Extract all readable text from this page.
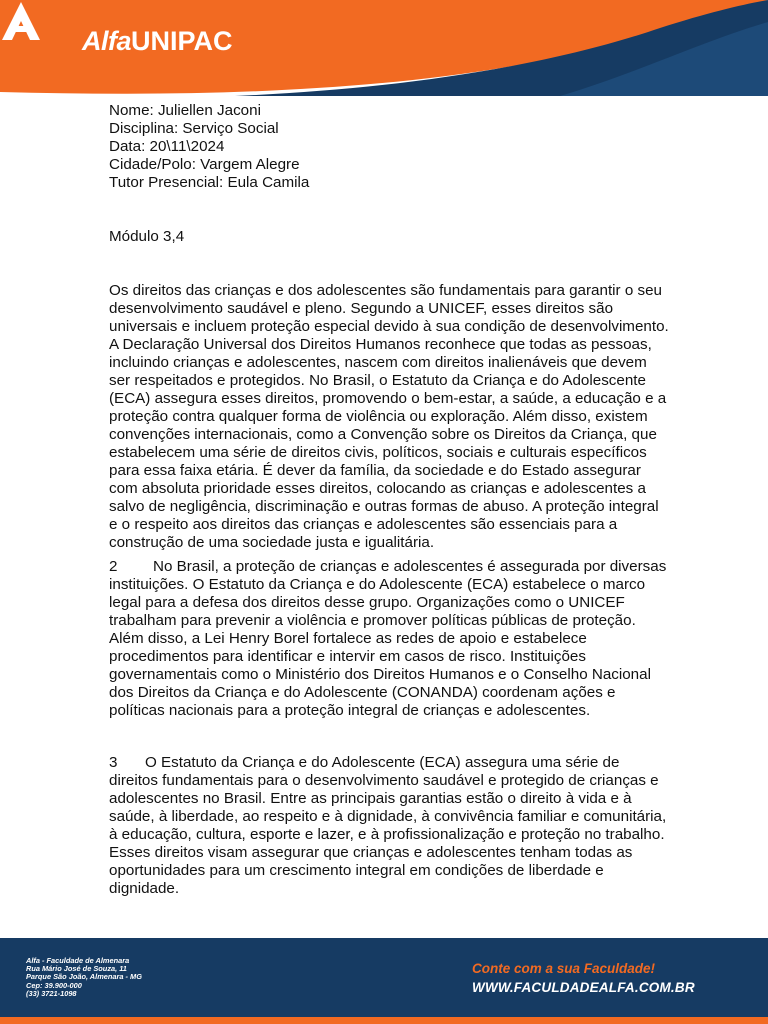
AlfaUNIPAC
Nome: Juliellen Jaconi
Disciplina: Serviço Social
Data: 20\11\2024
Cidade/Polo: Vargem Alegre
Tutor Presencial: Eula Camila
Módulo 3,4

Os direitos das crianças e dos adolescentes são fundamentais para garantir o seu desenvolvimento saudável e pleno. Segundo a UNICEF, esses direitos são universais e incluem proteção especial devido à sua condição de desenvolvimento. A Declaração Universal dos Direitos Humanos reconhece que todas as pessoas, incluindo crianças e adolescentes, nascem com direitos inalienáveis que devem ser respeitados e protegidos. No Brasil, o Estatuto da Criança e do Adolescente (ECA) assegura esses direitos, promovendo o bem-estar, a saúde, a educação e a proteção contra qualquer forma de violência ou exploração. Além disso, existem convenções internacionais, como a Convenção sobre os Direitos da Criança, que estabelecem uma série de direitos civis, políticos, sociais e culturais específicos para essa faixa etária. É dever da família, da sociedade e do Estado assegurar com absoluta prioridade esses direitos, colocando as crianças e adolescentes a salvo de negligência, discriminação e outras formas de abuso. A proteção integral e o respeito aos direitos das crianças e adolescentes são essenciais para a construção de uma sociedade justa e igualitária.

2 No Brasil, a proteção de crianças e adolescentes é assegurada por diversas instituições. O Estatuto da Criança e do Adolescente (ECA) estabelece o marco legal para a defesa dos direitos desse grupo. Organizações como o UNICEF trabalham para prevenir a violência e promover políticas públicas de proteção. Além disso, a Lei Henry Borel fortalece as redes de apoio e estabelece procedimentos para identificar e intervir em casos de risco. Instituições governamentais como o Ministério dos Direitos Humanos e o Conselho Nacional dos Direitos da Criança e do Adolescente (CONANDA) coordenam ações e políticas nacionais para a proteção integral de crianças e adolescentes.

3 O Estatuto da Criança e do Adolescente (ECA) assegura uma série de direitos fundamentais para o desenvolvimento saudável e protegido de crianças e adolescentes no Brasil. Entre as principais garantias estão o direito à vida e à saúde, à liberdade, ao respeito e à dignidade, à convivência familiar e comunitária, à educação, cultura, esporte e lazer, e à profissionalização e proteção no trabalho. Esses direitos visam assegurar que crianças e adolescentes tenham todas as oportunidades para um crescimento integral em condições de liberdade e dignidade.

Alfa - Faculdade de Almenara
Rua Mário José de Souza, 11
Parque São João, Almenara - MG
Cep: 39.900-000
(33) 3721-1098
Conte com a sua Faculdade!
WWW.FACULDADEALFA.COM.BR
